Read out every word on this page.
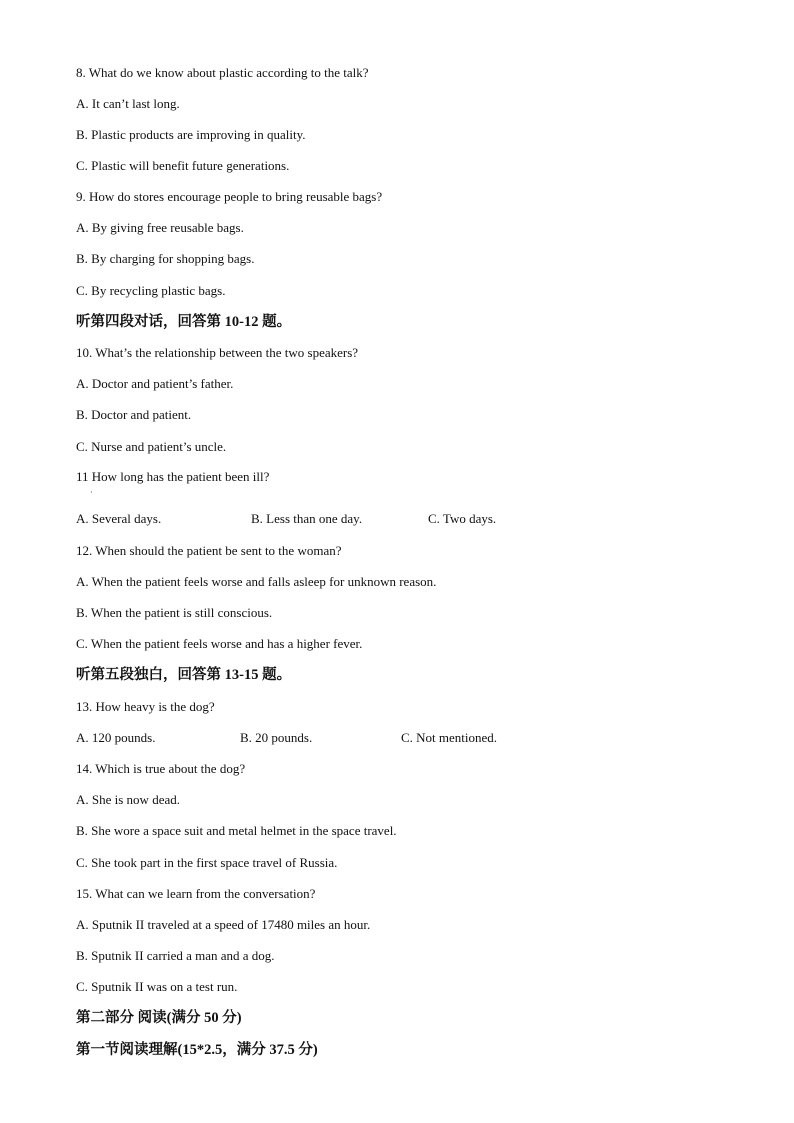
8. What do we know about plastic according to the talk?
A. It can’t last long.
B. Plastic products are improving in quality.
C. Plastic will benefit future generations.
9. How do stores encourage people to bring reusable bags?
A. By giving free reusable bags.
B. By charging for shopping bags.
C. By recycling plastic bags.
听第四段对话，回答第 10-12 题。
10. What’s the relationship between the two speakers?
A. Doctor and patient’s father.
B. Doctor and patient.
C. Nurse and patient’s uncle.
11 How long has the patient been ill?
·
A. Several days.	B. Less than one day.	C. Two days.
12. When should the patient be sent to the woman?
A. When the patient feels worse and falls asleep for unknown reason.
B. When the patient is still conscious.
C. When the patient feels worse and has a higher fever.
听第五段独白，回答第 13-15 题。
13. How heavy is the dog?
A. 120 pounds.	B. 20 pounds.	C. Not mentioned.
14. Which is true about the dog?
A. She is now dead.
B. She wore a space suit and metal helmet in the space travel.
C. She took part in the first space travel of Russia.
15. What can we learn from the conversation?
A. Sputnik II traveled at a speed of 17480 miles an hour.
B. Sputnik II carried a man and a dog.
C. Sputnik II was on a test run.
第二部分 阅读(满分 50 分)
第一节阅读理解(15*2.5，满分 37.5 分)
